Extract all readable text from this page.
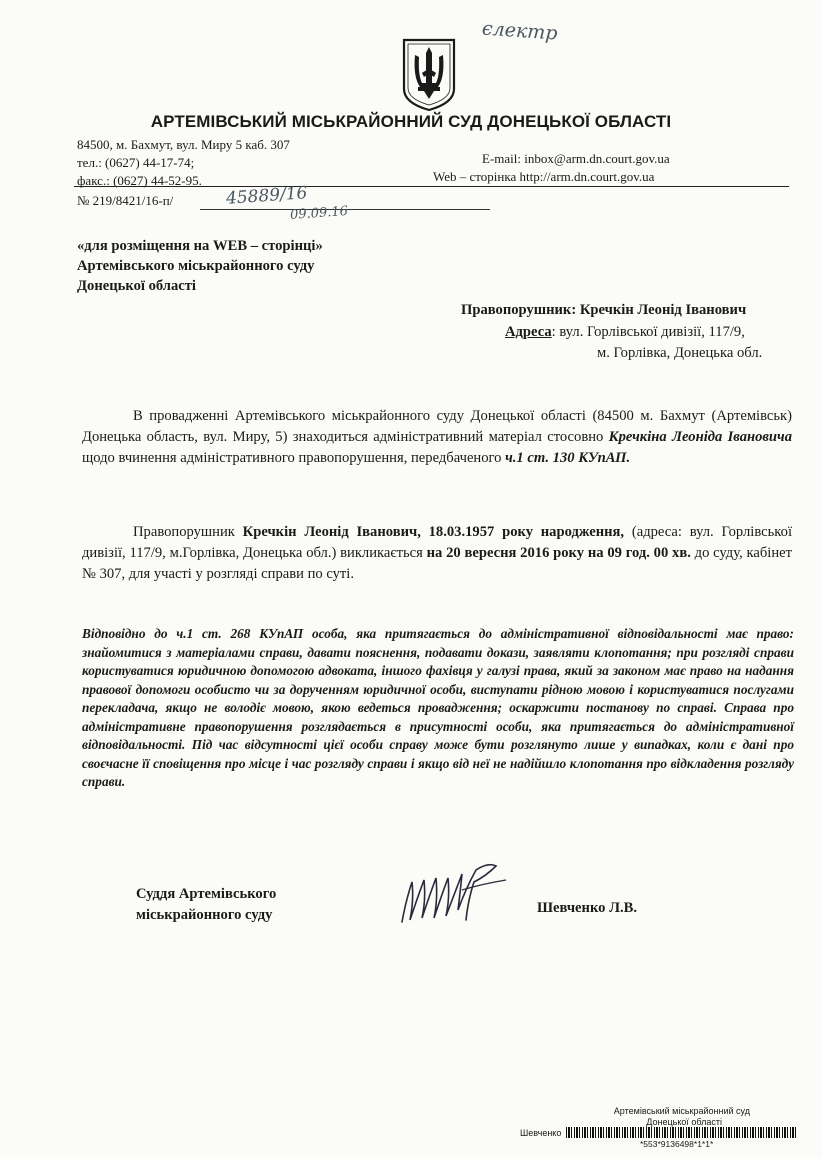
єлектр
АРТЕМІВСЬКИЙ МІСЬКРАЙОННИЙ СУД ДОНЕЦЬКОЇ ОБЛАСТІ
84500, м. Бахмут, вул. Миру 5 каб. 307
тел.: (0627) 44-17-74;
факс.: (0627) 44-52-95.
E-mail: inbox@arm.dn.court.gov.ua
Web – сторінка http://arm.dn.court.gov.ua
№ 219/8421/16-п/	45889/16
09.09.16
«для розміщення на WEB – сторінці»
Артемівського міськрайонного суду
Донецької області
Правопорушник: Кречкін Леонід Іванович
Адреса: вул. Горлівської дивізії, 117/9,
м. Горлівка, Донецька обл.
В провадженні Артемівського міськрайонного суду Донецької області (84500 м. Бахмут (Артемівськ) Донецька область, вул. Миру, 5) знаходиться адміністративний матеріал стосовно Кречкіна Леоніда Івановича щодо вчинення адміністративного правопорушення, передбаченого ч.1 ст. 130 КУпАП.
Правопорушник Кречкін Леонід Іванович, 18.03.1957 року народження, (адреса: вул. Горлівської дивізії, 117/9, м.Горлівка, Донецька обл.) викликається на 20 вересня 2016 року на 09 год. 00 хв. до суду, кабінет № 307, для участі у розгляді справи по суті.
Відповідно до ч.1 ст. 268 КУпАП особа, яка притягається до адміністративної відповідальності має право: знайомитися з матеріалами справи, давати пояснення, подавати докази, заявляти клопотання; при розгляді справи користуватися юридичною допомогою адвоката, іншого фахівця у галузі права, який за законом має право на надання правової допомоги особисто чи за дорученням юридичної особи, виступати рідною мовою і користуватися послугами перекладача, якщо не володіє мовою, якою ведеться провадження; оскаржити постанову по справі. Справа про адміністративне правопорушення розглядається в присутності особи, яка притягається до адміністративної відповідальності. Під час відсутності цієї особи справу може бути розглянуто лише у випадках, коли є дані про своєчасне її сповіщення про місце і час розгляду справи і якщо від неї не надійшло клопотання про відкладення розгляду справи.
Суддя Артемівського
міськрайонного суду	Шевченко Л.В.
Артемівський міськрайонний суд
Донецької області
Шевченко
*553*9136498*1*1*
